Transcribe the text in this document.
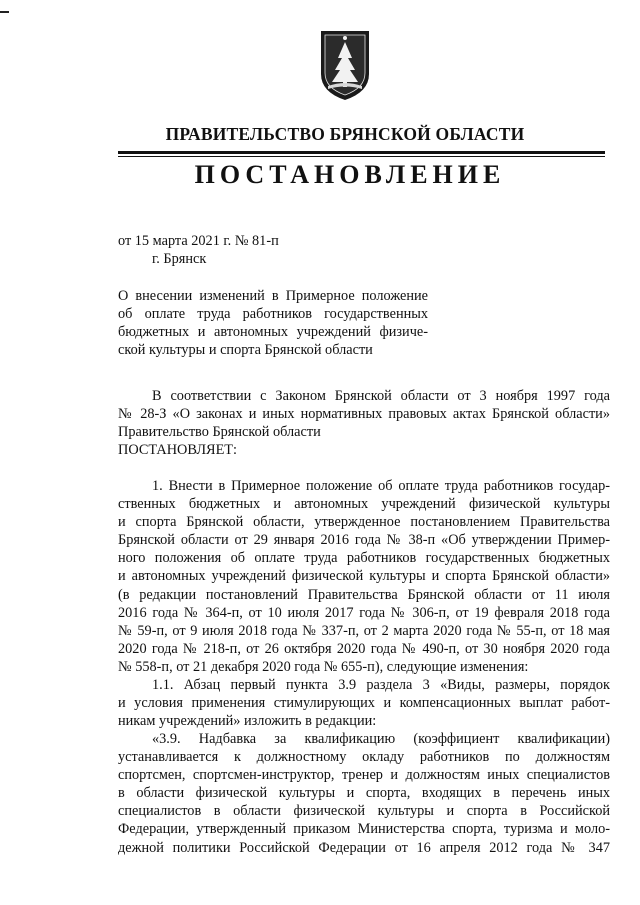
ПРАВИТЕЛЬСТВО БРЯНСКОЙ ОБЛАСТИ
ПОСТАНОВЛЕНИЕ
от 15 марта 2021 г. № 81-п
г. Брянск
О внесении изменений в Примерное положение
об оплате труда работников государственных
бюджетных и автономных учреждений физиче-
ской культуры и спорта Брянской области
В соответствии с Законом Брянской области от 3 ноября 1997 года
№ 28-З «О законах и иных нормативных правовых актах Брянской области»
Правительство Брянской области
ПОСТАНОВЛЯЕТ:
1. Внести в Примерное положение об оплате труда работников государ-
ственных бюджетных и автономных учреждений физической культуры
и спорта Брянской области, утвержденное постановлением Правительства
Брянской области от 29 января 2016 года № 38-п «Об утверждении Пример-
ного положения об оплате труда работников государственных бюджетных
и автономных учреждений физической культуры и спорта Брянской области»
(в редакции постановлений Правительства Брянской области от 11 июля
2016 года № 364-п, от 10 июля 2017 года № 306-п, от 19 февраля 2018 года
№ 59-п, от 9 июля 2018 года № 337-п, от 2 марта 2020 года № 55-п, от 18 мая
2020 года № 218-п, от 26 октября 2020 года № 490-п, от 30 ноября 2020 года
№ 558-п, от 21 декабря 2020 года № 655-п), следующие изменения:
1.1. Абзац первый пункта 3.9 раздела 3 «Виды, размеры, порядок
и условия применения стимулирующих и компенсационных выплат работ-
никам учреждений» изложить в редакции:
«3.9. Надбавка за квалификацию (коэффициент квалификации)
устанавливается к должностному окладу работников по должностям
спортсмен, спортсмен-инструктор, тренер и должностям иных специалистов
в области физической культуры и спорта, входящих в перечень иных
специалистов в области физической культуры и спорта в Российской
Федерации, утвержденный приказом Министерства спорта, туризма и моло-
дежной политики Российской Федерации от 16 апреля 2012 года № 347
